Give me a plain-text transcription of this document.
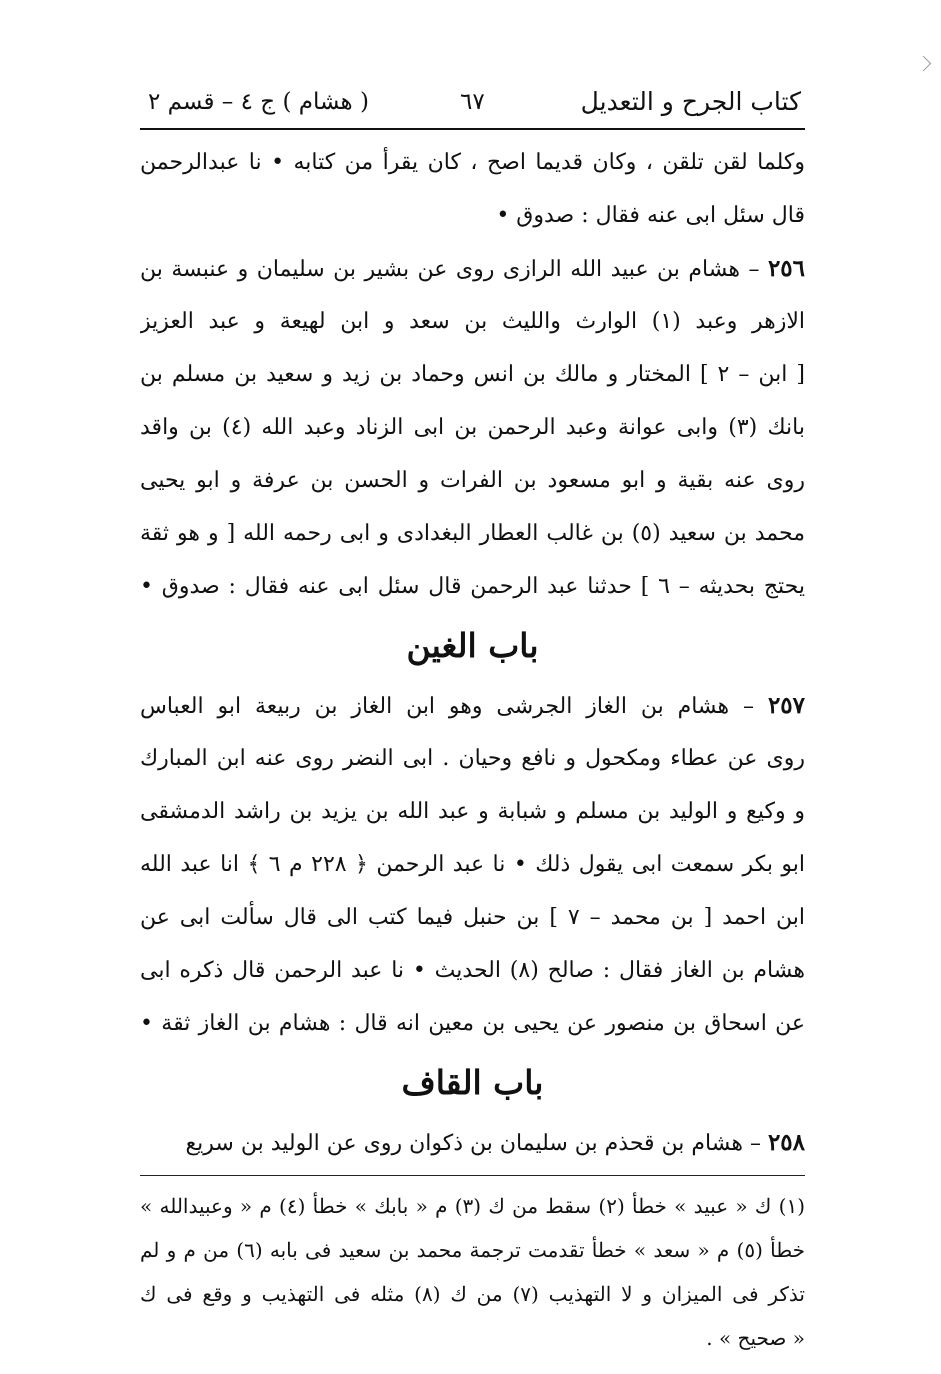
كتاب الجرح و التعديل
٦٧
( هشام ) ج ٤ – قسم ٢
وكلما لقن تلقن ، وكان قديما اصح ، كان يقرأ من كتابه • نا عبدالرحمن
قال سئل ابى عنه فقال : صدوق •
٢٥٦ – هشام بن عبيد الله الرازى روى عن بشير بن سليمان و عنبسة بن
الازهر وعبد (١) الوارث والليث بن سعد و ابن لهيعة و عبد العزيز
[ ابن – ٢ ] المختار و مالك بن انس وحماد بن زيد و سعيد بن مسلم بن
بانك (٣) وابى عوانة وعبد الرحمن بن ابى الزناد وعبد الله (٤) بن واقد
روى عنه بقية و ابو مسعود بن الفرات و الحسن بن عرفة و ابو يحيى
محمد بن سعيد (٥) بن غالب العطار البغدادى و ابى رحمه الله [ و هو ثقة
يحتج بحديثه – ٦ ] حدثنا عبد الرحمن قال سئل ابى عنه فقال : صدوق •
باب الغين
٢٥٧ – هشام بن الغاز الجرشى وهو ابن الغاز بن ربيعة ابو العباس
روى عن عطاء ومكحول و نافع وحيان . ابى النضر روى عنه ابن المبارك
و وكيع و الوليد بن مسلم و شبابة و عبد الله بن يزيد بن راشد الدمشقى
ابو بكر سمعت ابى يقول ذلك • نا عبد الرحمن ﴿ ٢٢٨ م ٦ ﴾ انا عبد الله
ابن احمد [ بن محمد – ٧ ] بن حنبل فيما كتب الى قال سألت ابى عن
هشام بن الغاز فقال : صالح (٨) الحديث • نا عبد الرحمن قال ذكره ابى
عن اسحاق بن منصور عن يحيى بن معين انه قال : هشام بن الغاز ثقة •
باب القاف
٢٥٨ – هشام بن قحذم بن سليمان بن ذكوان روى عن الوليد بن سريع
(١) ك « عبيد » خطأ (٢) سقط من ك (٣) م « بابك » خطأ (٤) م « وعبيدالله »
خطأ (٥) م « سعد » خطأ تقدمت ترجمة محمد بن سعيد فى بابه (٦) من م و لم
تذكر فى الميزان و لا التهذيب (٧) من ك (٨) مثله فى التهذيب و وقع فى ك
« صحيح » .
